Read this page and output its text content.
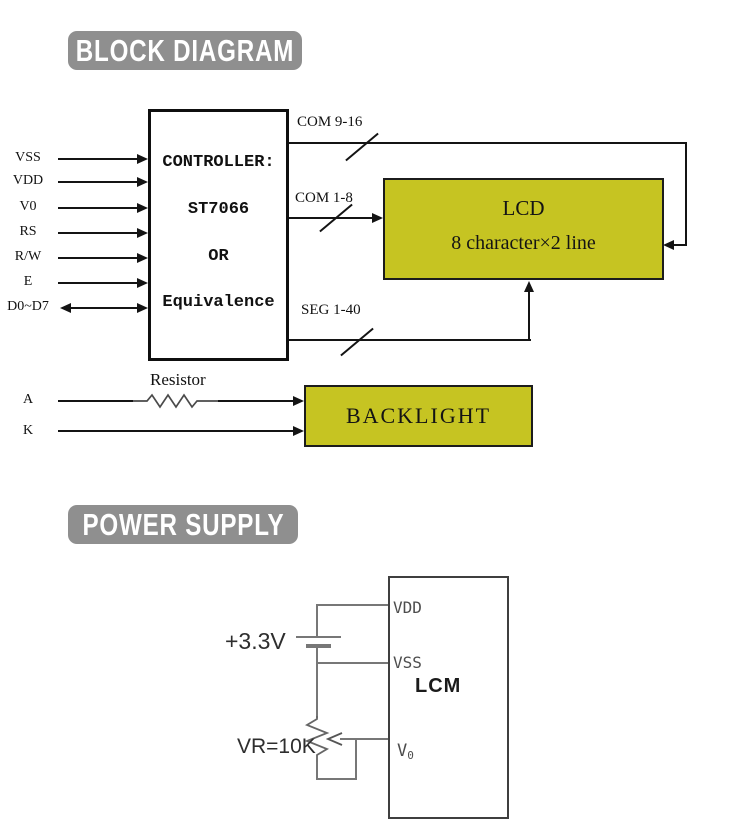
BLOCK DIAGRAM
CONTROLLER:
ST7066
OR
Equivalence
VSS
VDD
V0
RS
R/W
E
D0~D7
COM 9-16
COM 1-8
SEG 1-40
LCD
8 character×2 line
Resistor
A
K
BACKLIGHT
POWER SUPPLY
+3.3V
VR=10K
VDD
VSS
LCM
V0
